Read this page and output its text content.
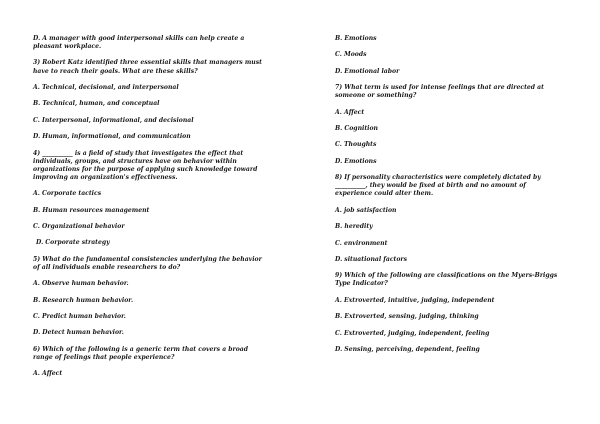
D. A manager with good interpersonal skills can help create a
pleasant workplace.
3) Robert Katz identified three essential skills that managers must
have to reach their goals. What are these skills?
A. Technical, decisional, and interpersonal
B. Technical, human, and conceptual
C. Interpersonal, informational, and decisional
D. Human, informational, and communication
4) __________ is a field of study that investigates the effect that
individuals, groups, and structures have on behavior within
organizations for the purpose of applying such knowledge toward
improving an organization's effectiveness.
A. Corporate tactics
B. Human resources management
C. Organizational behavior
D. Corporate strategy
5) What do the fundamental consistencies underlying the behavior
of all individuals enable researchers to do?
A. Observe human behavior.
B. Research human behavior.
C. Predict human behavior.
D. Detect human behavior.
6) Which of the following is a generic term that covers a broad
range of feelings that people experience?
A. Affect
B. Emotions
C. Moods
D. Emotional labor
7) What term is used for intense feelings that are directed at
someone or something?
A. Affect
B. Cognition
C. Thoughts
D. Emotions
8) If personality characteristics were completely dictated by
__________, they would be fixed at birth and no amount of
experience could alter them.
A. job satisfaction
B. heredity
C. environment
D. situational factors
9) Which of the following are classifications on the Myers-Briggs
Type Indicator?
A. Extroverted, intuitive, judging, independent
B. Extroverted, sensing, judging, thinking
C. Extroverted, judging, independent, feeling
D. Sensing, perceiving, dependent, feeling
